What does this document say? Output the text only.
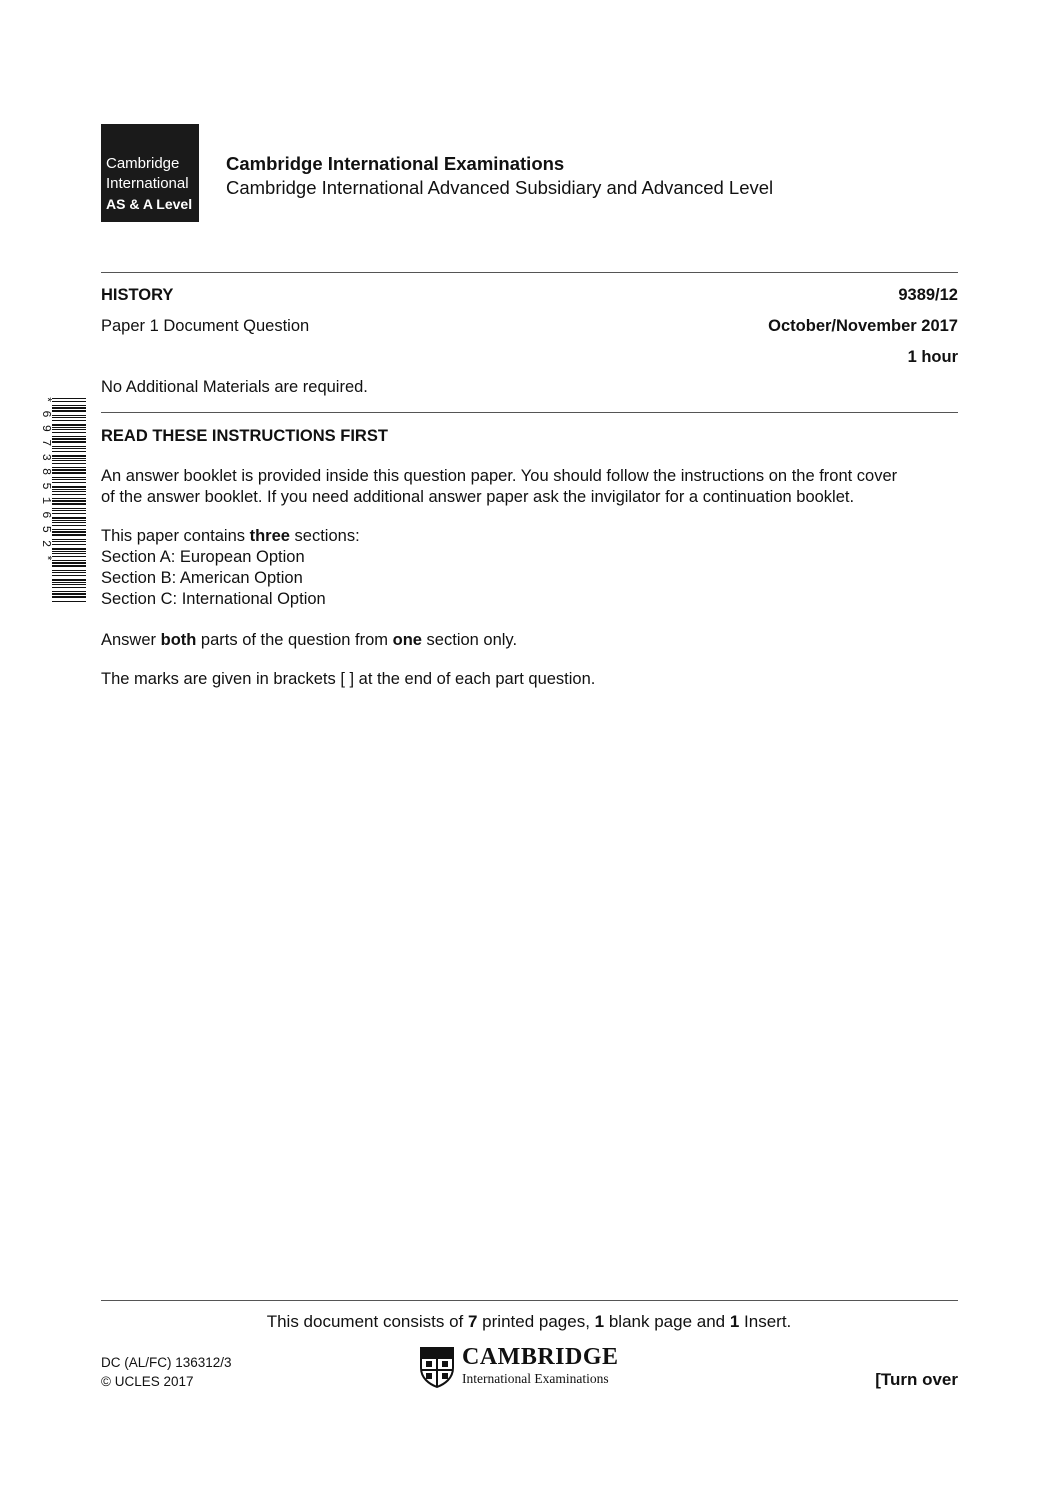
Cambridge
International
AS & A Level
Cambridge International Examinations
Cambridge International Advanced Subsidiary and Advanced Level
HISTORY	9389/12
Paper 1 Document Question	October/November 2017
1 hour
No Additional Materials are required.
* 6 9 7 3 8 5 1 6 5 2 *	READ THESE INSTRUCTIONS FIRST
An answer booklet is provided inside this question paper. You should follow the instructions on the front cover
of the answer booklet. If you need additional answer paper ask the invigilator for a continuation booklet.
This paper contains three sections:
Section A: European Option
Section B: American Option
Section C: International Option
Answer both parts of the question from one section only.
The marks are given in brackets [ ] at the end of each part question.
This document consists of 7 printed pages, 1 blank page and 1 Insert.
DC (AL/FC) 136312/3
© UCLES 2017
CAMBRIDGE
International Examinations	[Turn over
